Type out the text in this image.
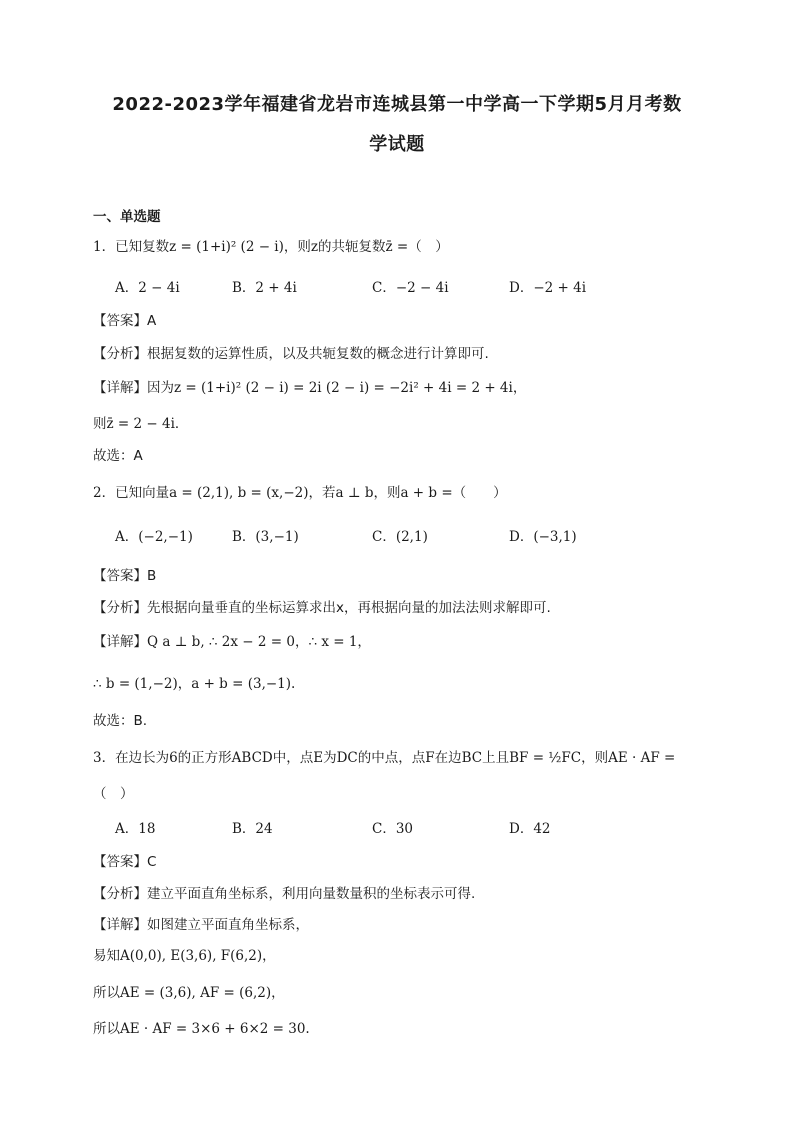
2022-2023学年福建省龙岩市连城县第一中学高一下学期5月月考数
学试题
一、单选题
1．已知复数z = (1+i)² (2 − i)，则z的共轭复数z̄ =（　）
A．2 − 4i	B．2 + 4i	C．−2 − 4i	D．−2 + 4i
【答案】A
【分析】根据复数的运算性质，以及共轭复数的概念进行计算即可.
【详解】因为z = (1+i)² (2 − i) = 2i (2 − i) = −2i² + 4i = 2 + 4i，
则z̄ = 2 − 4i．
故选：A
2．已知向量a = (2,1), b = (x,−2)，若a ⊥ b，则a + b =（　　）
A．(−2,−1)	B．(3,−1)	C．(2,1)	D．(−3,1)
【答案】B
【分析】先根据向量垂直的坐标运算求出x，再根据向量的加法法则求解即可.
【详解】Q a ⊥ b, ∴ 2x − 2 = 0，∴ x = 1，
∴ b = (1,−2)，a + b = (3,−1).
故选：B.
3．在边长为6的正方形ABCD中，点E为DC的中点，点F在边BC上且BF = ½FC，则AE · AF =
（　）
A．18	B．24	C．30	D．42
【答案】C
【分析】建立平面直角坐标系，利用向量数量积的坐标表示可得.
【详解】如图建立平面直角坐标系，
易知A(0,0), E(3,6), F(6,2)，
所以AE = (3,6), AF = (6,2)，
所以AE · AF = 3×6 + 6×2 = 30.
